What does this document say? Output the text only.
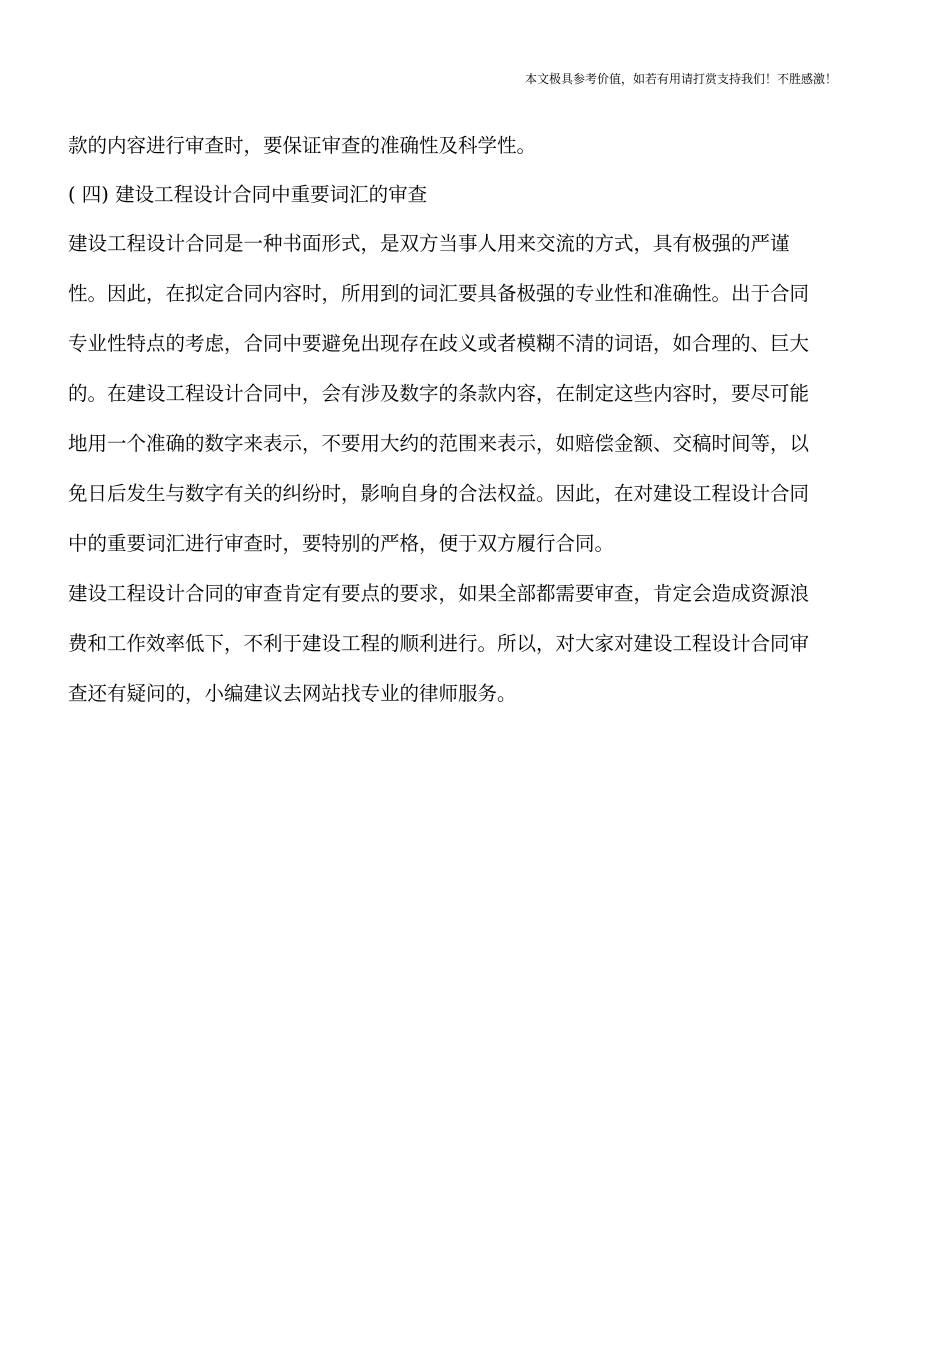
本文极具参考价值，如若有用请打赏支持我们！不胜感激！

款的内容进行审查时，要保证审查的准确性及科学性。

( 四) 建设工程设计合同中重要词汇的审查

建设工程设计合同是一种书面形式，是双方当事人用来交流的方式，具有极强的严谨性。因此，在拟定合同内容时，所用到的词汇要具备极强的专业性和准确性。出于合同专业性特点的考虑，合同中要避免出现存在歧义或者模糊不清的词语，如合理的、巨大的。在建设工程设计合同中，会有涉及数字的条款内容，在制定这些内容时，要尽可能地用一个准确的数字来表示，不要用大约的范围来表示，如赔偿金额、交稿时间等，以免日后发生与数字有关的纠纷时，影响自身的合法权益。因此，在对建设工程设计合同中的重要词汇进行审查时，要特别的严格，便于双方履行合同。

建设工程设计合同的审查肯定有要点的要求，如果全部都需要审查，肯定会造成资源浪费和工作效率低下，不利于建设工程的顺利进行。所以，对大家对建设工程设计合同审查还有疑问的，小编建议去网站找专业的律师服务。
